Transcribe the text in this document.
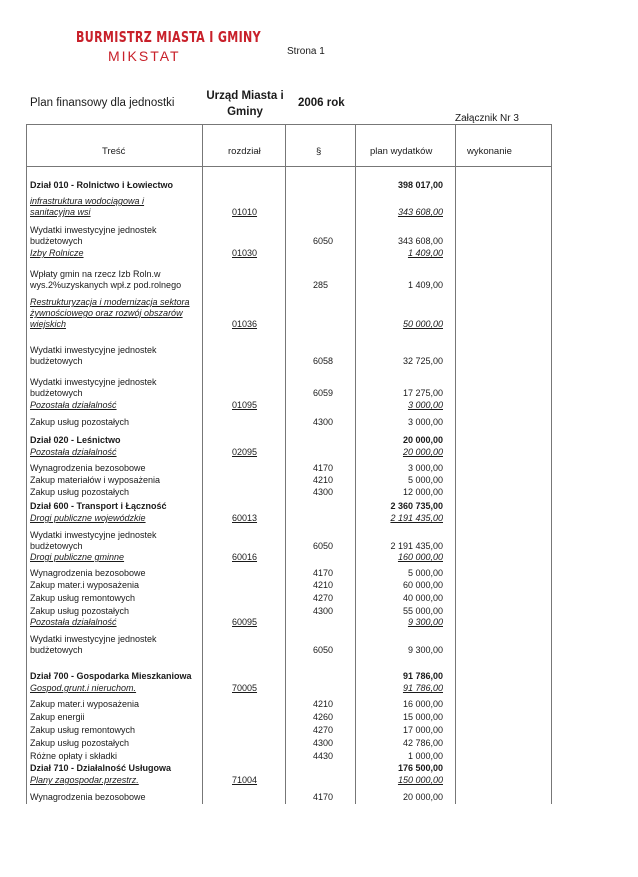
BURMISTRZ MIASTA I GMINY
MIKSTAT	Strona 1
Plan finansowy dla jednostki
Urząd Miasta i Gminy
2006 rok
Załącznik Nr 3
Treść	rozdział	§	plan wydatków	wykonanie
Dział 010 - Rolnictwo i Łowiectwo	398 017,00
infrastruktura wodociągowa i
sanitacyjna wsi	01010	343 608,00
Wydatki inwestycyjne jednostek
budżetowych	6050	343 608,00
Izby Rolnicze	01030	1 409,00
Wpłaty gmin na rzecz Izb Roln.w
wys.2%uzyskanych wpł.z pod.rolnego	285	1 409,00
Restrukturyzacja i modernizacja sektora
żywnościowego oraz rozwój obszarów
wiejskich	01036	50 000,00
Wydatki inwestycyjne jednostek
budżetowych	6058	32 725,00
Wydatki inwestycyjne jednostek
budżetowych	6059	17 275,00
Pozostała działalność	01095	3 000,00
Zakup usług pozostałych	4300	3 000,00
Dział 020 - Leśnictwo	20 000,00
Pozostała działalność	02095	20 000,00
Wynagrodzenia bezosobowe	4170	3 000,00
Zakup materiałów i wyposażenia	4210	5 000,00
Zakup usług pozostałych	4300	12 000,00
Dział 600 - Transport i Łączność	2 360 735,00
Drogi publiczne wojewódzkie	60013	2 191 435,00
Wydatki inwestycyjne jednostek
budżetowych	6050	2 191 435,00
Drogi publiczne gminne	60016	160 000,00
Wynagrodzenia bezosobowe	4170	5 000,00
Zakup mater.i wyposażenia	4210	60 000,00
Zakup usług remontowych	4270	40 000,00
Zakup usług pozostałych	4300	55 000,00
Pozostała działalność	60095	9 300,00
Wydatki inwestycyjne jednostek
budżetowych	6050	9 300,00
Dział 700 - Gospodarka Mieszkaniowa	91 786,00
Gospod.grunt.i nieruchom.	70005	91 786,00
Zakup mater.i wyposażenia	4210	16 000,00
Zakup energii	4260	15 000,00
Zakup usług remontowych	4270	17 000,00
Zakup usług pozostałych	4300	42 786,00
Różne opłaty i składki	4430	1 000,00
Dział 710 - Działalność Usługowa	176 500,00
Plany zagospodar.przestrz.	71004	150 000,00
Wynagrodzenia bezosobowe	4170	20 000,00
